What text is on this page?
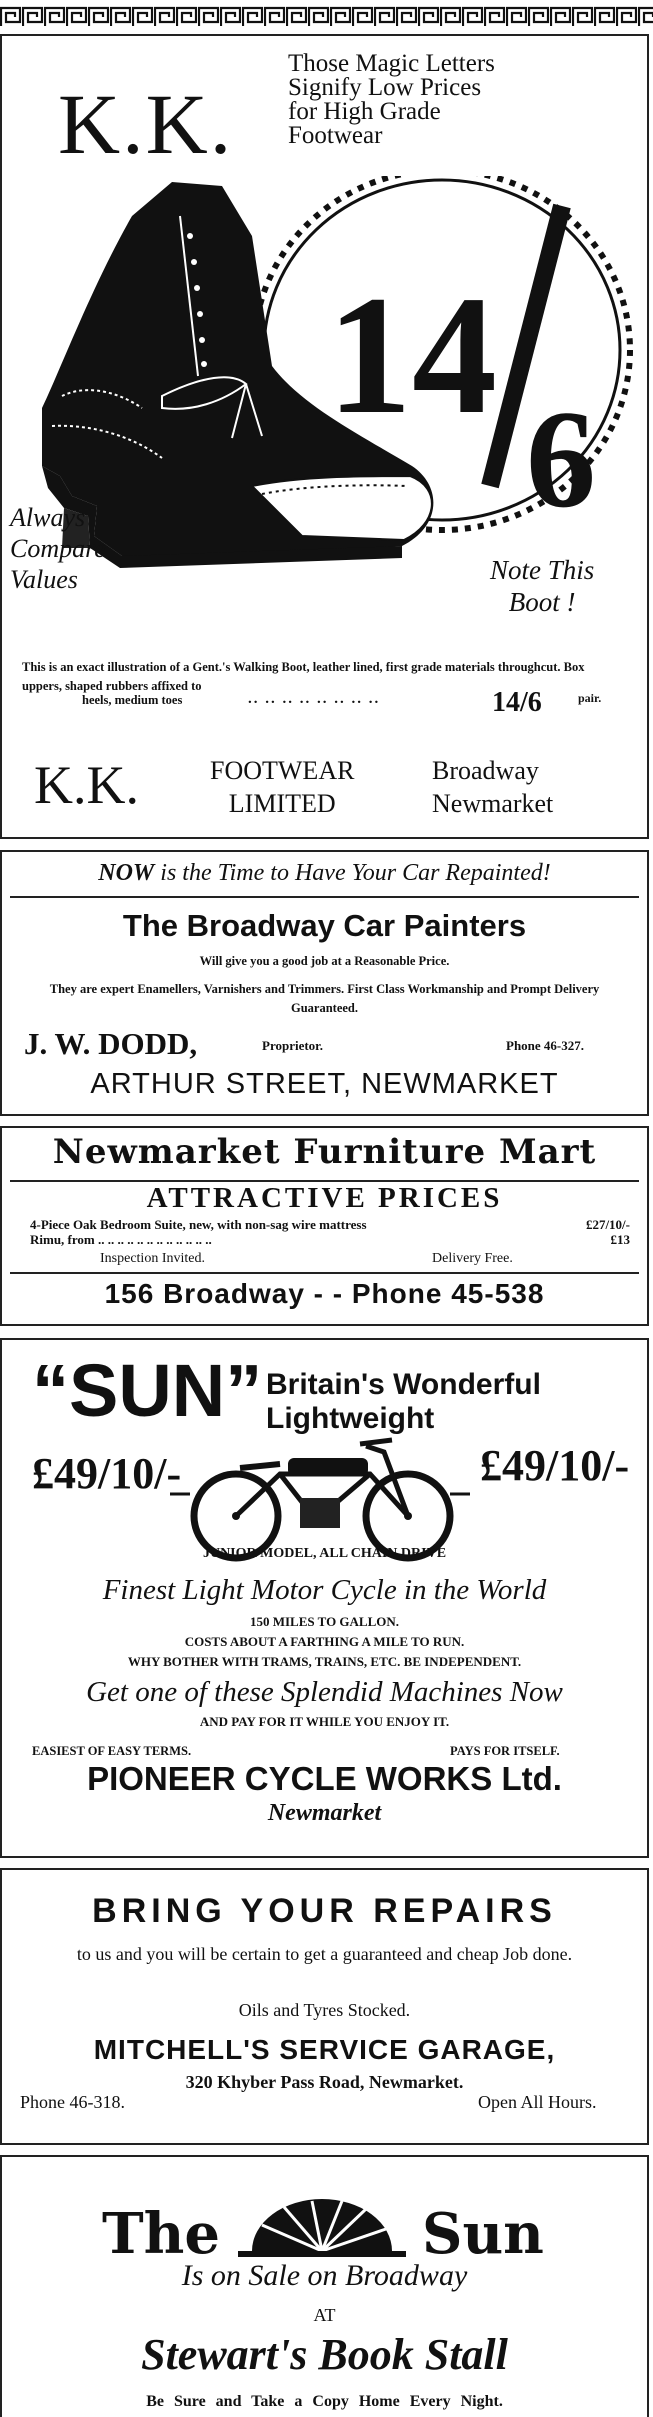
K.K.
Those Magic Letters
Signify Low Prices
for High Grade
Footwear
14
6
Always
Compare
Values	Note This
Boot !
This is an exact illustration of a Gent.'s Walking Boot, leather lined, first grade materials throughcut. Box uppers, shaped rubbers affixed to
heels, medium toes	.. .. .. .. .. .. .. ..	14/6	pair.
K.K.	FOOTWEAR
LIMITED
Broadway
Newmarket
NOW is the Time to Have Your Car Repainted!
The Broadway Car Painters
Will give you a good job at a Reasonable Price.
They are expert Enamellers, Varnishers and Trimmers. First Class Workmanship and Prompt Delivery Guaranteed.
J. W. DODD,	Proprietor.	Phone 46-327.
ARTHUR STREET, NEWMARKET
Newmarket Furniture Mart
ATTRACTIVE PRICES
4-Piece Oak Bedroom Suite, new, with non-sag wire mattress	£27/10/-
Rimu, from .. .. .. .. .. .. .. .. .. .. .. ..	£13
Inspection Invited.	Delivery Free.
156 Broadway - - Phone 45-538
“SUN” Britain's Wonderful Lightweight
£49/10/-	£49/10/-
JUNIOR MODEL, ALL CHAIN DRIVE
Finest Light Motor Cycle in the World
150 MILES TO GALLON.
COSTS ABOUT A FARTHING A MILE TO RUN.
WHY BOTHER WITH TRAMS, TRAINS, ETC. BE INDEPENDENT.
Get one of these Splendid Machines Now
AND PAY FOR IT WHILE YOU ENJOY IT.
EASIEST OF EASY TERMS.	PAYS FOR ITSELF.
PIONEER CYCLE WORKS Ltd.
Newmarket
BRING YOUR REPAIRS
to us and you will be certain to get a guaranteed and cheap Job done.
Oils and Tyres Stocked.
MITCHELL'S SERVICE GARAGE,
320 Khyber Pass Road, Newmarket.
Phone 46-318.	Open All Hours.
The	Sun
Is on Sale on Broadway
AT
Stewart's Book Stall
Be Sure and Take a Copy Home Every Night.
